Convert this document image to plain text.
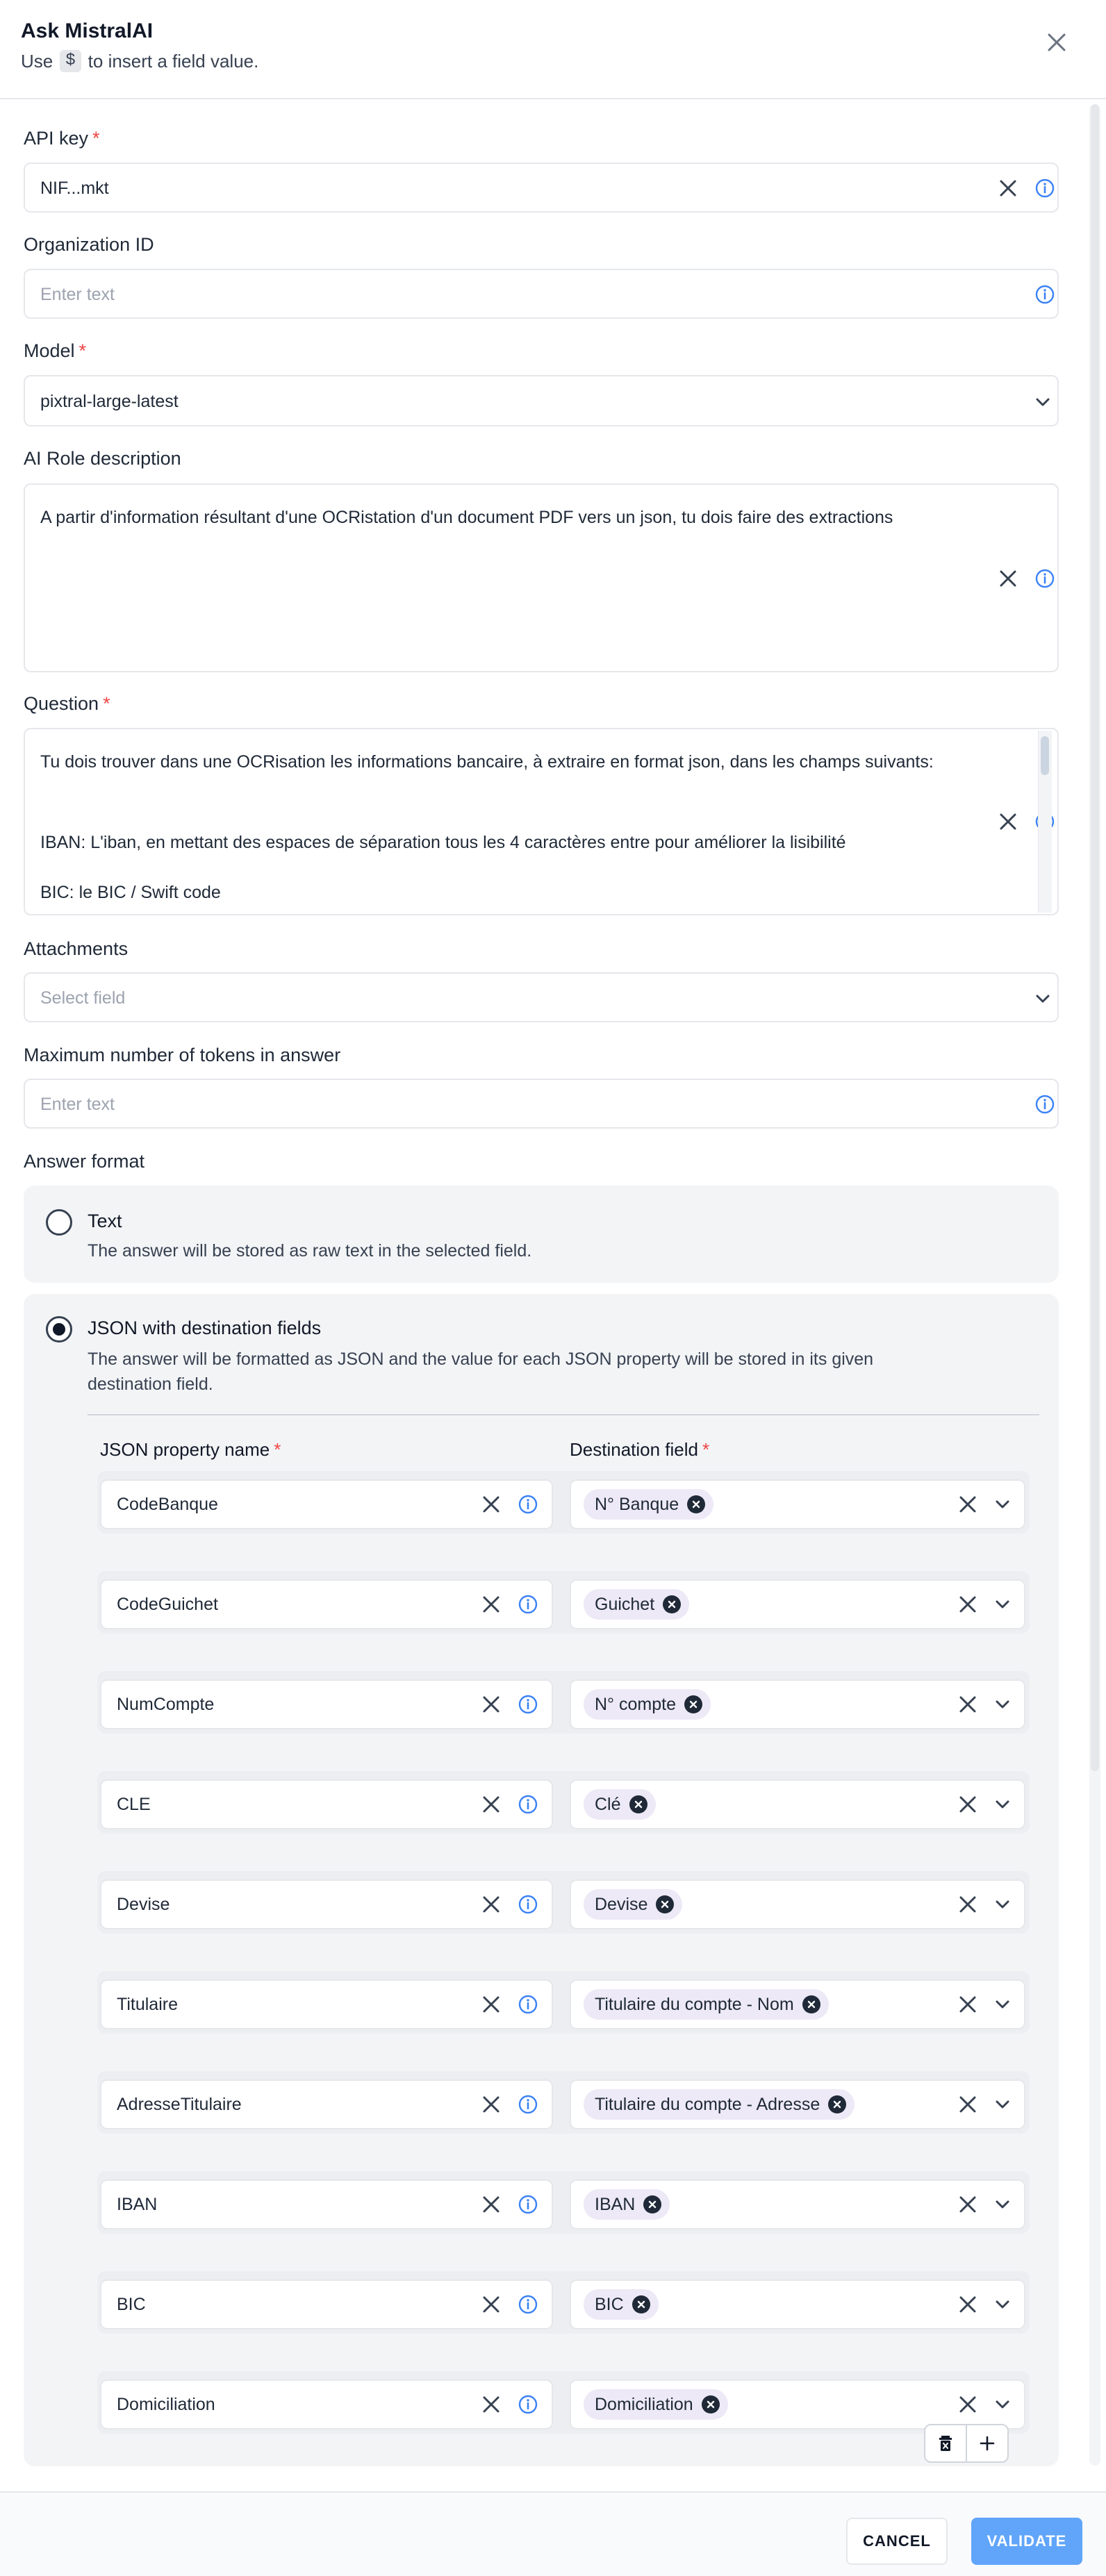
Ask MistralAI
Use $ to insert a field value.
API key *
NIF...mkt
Organization ID
Enter text
Model *
pixtral-large-latest
AI Role description
A partir d'information résultant d'une OCRistation d'un document PDF vers un json, tu dois faire des extractions
Question *
Tu dois trouver dans une OCRisation les informations bancaire, à extraire en format json, dans les champs suivants:
IBAN: L'iban, en mettant des espaces de séparation tous les 4 caractères entre pour améliorer la lisibilité
BIC: le BIC / Swift code
Attachments
Select field
Maximum number of tokens in answer
Enter text
Answer format
Text
The answer will be stored as raw text in the selected field.
JSON with destination fields
The answer will be formatted as JSON and the value for each JSON property will be stored in its given
destination field.
JSON property name *	Destination field *
CodeBanque	N° Banque
CodeGuichet	Guichet
NumCompte	N° compte
CLE	Clé
Devise	Devise
Titulaire	Titulaire du compte - Nom
AdresseTitulaire	Titulaire du compte - Adresse
IBAN	IBAN
BIC	BIC
Domiciliation	Domiciliation
CANCEL	VALIDATE
